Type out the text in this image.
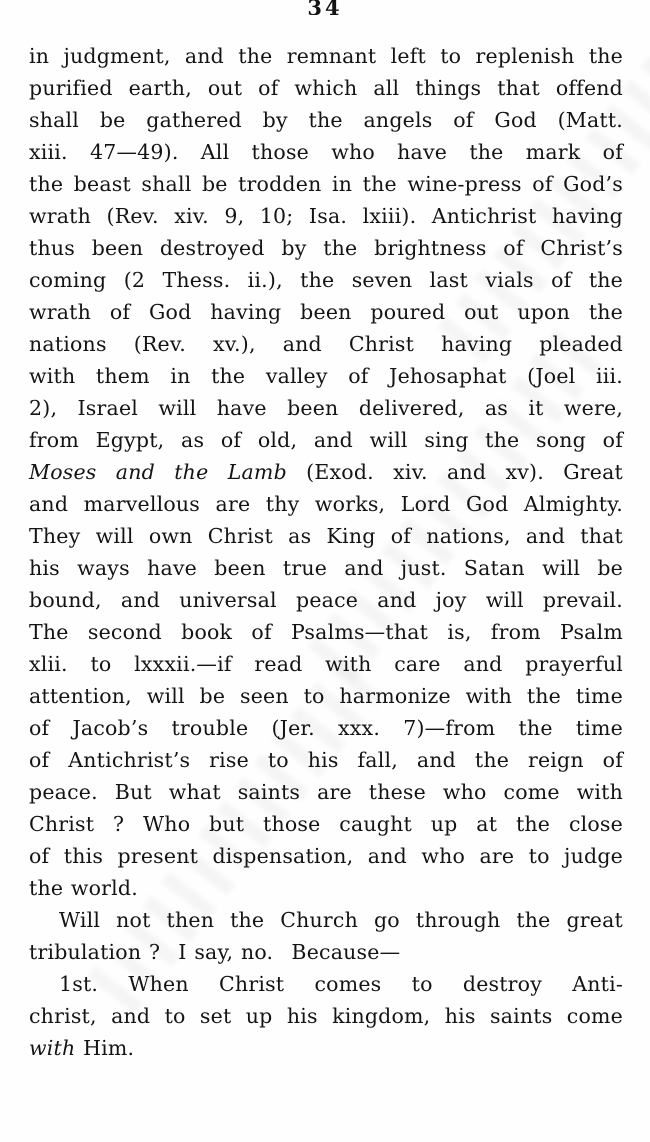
34
in judgment, and the remnant left to replenish the
purified earth, out of which all things that offend
shall be gathered by the angels of God (Matt.
xiii. 47—49). All those who have the mark of
the beast shall be trodden in the wine-press of God’s
wrath (Rev. xiv. 9, 10; Isa. lxiii). Antichrist having
thus been destroyed by the brightness of Christ’s
coming (2 Thess. ii.), the seven last vials of the
wrath of God having been poured out upon the
nations (Rev. xv.), and Christ having pleaded
with them in the valley of Jehosaphat (Joel iii.
2), Israel will have been delivered, as it were,
from Egypt, as of old, and will sing the song of
Moses and the Lamb (Exod. xiv. and xv). Great
and marvellous are thy works, Lord God Almighty.
They will own Christ as King of nations, and that
his ways have been true and just. Satan will be
bound, and universal peace and joy will prevail.
The second book of Psalms—that is, from Psalm
xlii. to lxxxii.—if read with care and prayerful
attention, will be seen to harmonize with the time
of Jacob’s trouble (Jer. xxx. 7)—from the time
of Antichrist’s rise to his fall, and the reign of
peace. But what saints are these who come with
Christ ? Who but those caught up at the close
of this present dispensation, and who are to judge
the world.
Will not then the Church go through the great
tribulation ?  I say, no.  Because—
1st. When Christ comes to destroy Anti-
christ, and to set up his kingdom, his saints come
with Him.
